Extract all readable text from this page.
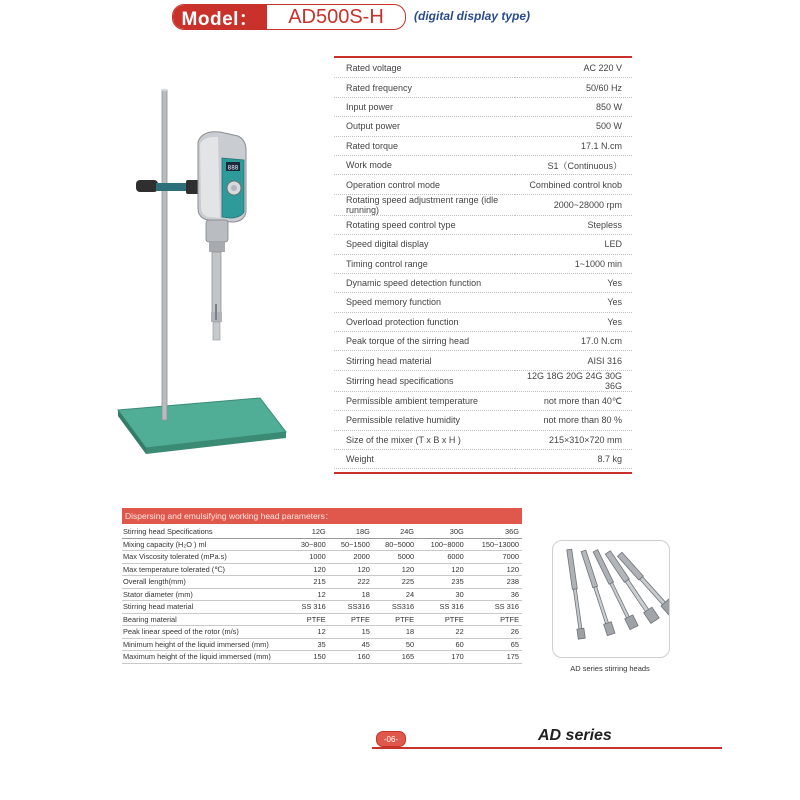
Model：	AD500S-H	(digital display type)
888
Rated voltage	AC 220 V
Rated frequency	50/60 Hz
Input power	850 W
Output power	500 W
Rated torque	17.1 N.cm
Work mode	S1（Continuous）
Operation control mode	Combined control knob
Rotating speed adjustment range (idle running)	2000~28000 rpm
Rotating speed control type	Stepless
Speed digital display	LED
Timing control range	1~1000 min
Dynamic speed detection function	Yes
Speed memory function	Yes
Overload protection function	Yes
Peak torque of the sirring head	17.0 N.cm
Stirring head material	AISI 316
Stirring head specifications	12G 18G 20G 24G 30G 36G
Permissible ambient temperature	not more than 40℃
Permissible relative humidity	not more than 80 %
Size of the mixer (T x B x H )	215×310×720 mm
Weight	8.7 kg
Dispersing and emulsifying working head parameters：
Stirring head Specifications	12G	18G	24G	30G	36G
Mixing capacity (H₂O ) ml	30~800	50~1500	80~5000	100~8000	150~13000
Max Viscosity tolerated (mPa.s)	1000	2000	5000	6000	7000
Max temperature tolerated (℃)	120	120	120	120	120
Overall length(mm)	215	222	225	235	238
Stator diameter (mm)	12	18	24	30	36
Stirring head material	SS 316	SS316	SS316	SS 316	SS 316
Bearing material	PTFE	PTFE	PTFE	PTFE	PTFE
Peak linear speed of the rotor (m/s)	12	15	18	22	26
Minimum height of the liquid immersed (mm)	35	45	50	60	65
Maximum height of the liquid immersed (mm)	150	160	165	170	175
AD series stirring heads
-06-	AD series
